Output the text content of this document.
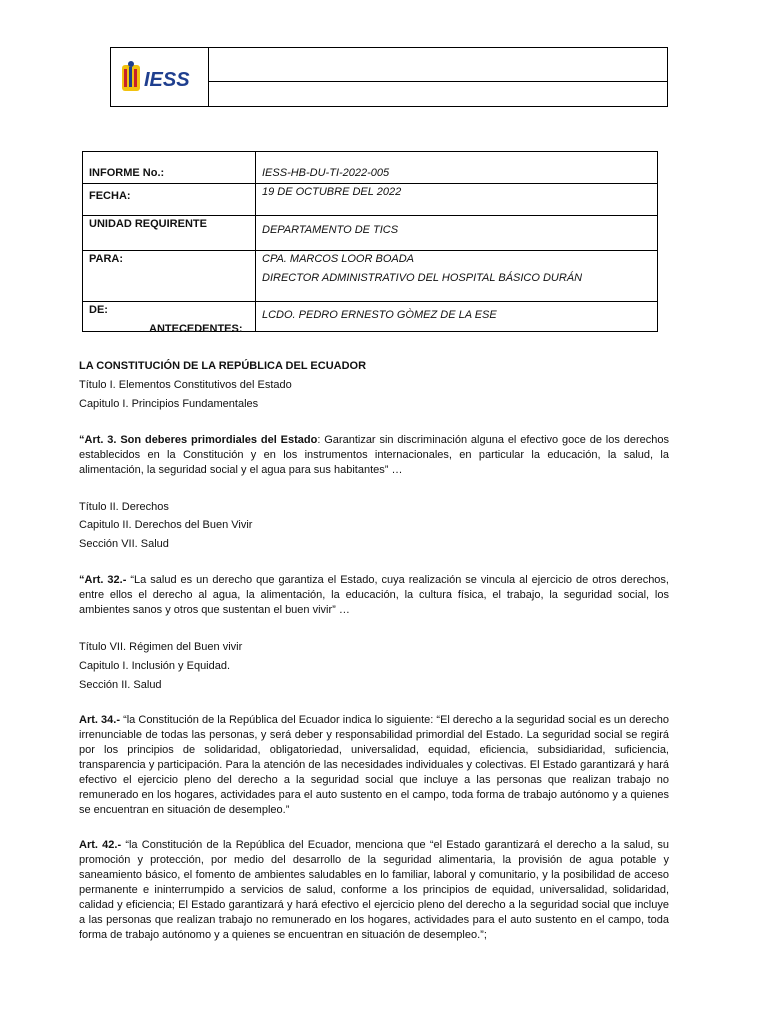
IESS
INFORME No.:	IESS-HB-DU-TI-2022-005
FECHA:	19 DE OCTUBRE DEL 2022
UNIDAD REQUIRENTE	DEPARTAMENTO DE TICS
PARA:	CPA. MARCOS LOOR BOADA
DIRECTOR ADMINISTRATIVO DEL HOSPITAL BÁSICO DURÁN

DE:	LCDO. PEDRO ERNESTO GÒMEZ DE LA ESE
ANTECEDENTES:

LA CONSTITUCIÓN DE LA REPÚBLICA DEL ECUADOR

Título I. Elementos Constitutivos del Estado

Capitulo I. Principios Fundamentales

“Art. 3. Son deberes primordiales del Estado: Garantizar sin discriminación alguna el efectivo goce de los derechos establecidos en la Constitución y en los instrumentos internacionales, en particular la educación, la salud, la alimentación, la seguridad social y el agua para sus habitantes” …

Título II. Derechos

Capitulo II. Derechos del Buen Vivir

Sección VII. Salud

“Art. 32.- “La salud es un derecho que garantiza el Estado, cuya realización se vincula al ejercicio de otros derechos, entre ellos el derecho al agua, la alimentación, la educación, la cultura física, el trabajo, la seguridad social, los ambientes sanos y otros que sustentan el buen vivir” …

Título VII. Régimen del Buen vivir

Capitulo I. Inclusión y Equidad.

Sección II. Salud

Art. 34.- “la Constitución de la República del Ecuador indica lo siguiente: “El derecho a la seguridad social es un derecho irrenunciable de todas las personas, y será deber y responsabilidad primordial del Estado. La seguridad social se regirá por los principios de solidaridad, obligatoriedad, universalidad, equidad, eficiencia, subsidiaridad, suficiencia, transparencia y participación. Para la atención de las necesidades individuales y colectivas. El Estado garantizará y hará efectivo el ejercicio pleno del derecho a la seguridad social que incluye a las personas que realizan trabajo no remunerado en los hogares, actividades para el auto sustento en el campo, toda forma de trabajo autónomo y a quienes se encuentran en situación de desempleo.”

Art. 42.- “la Constitución de la República del Ecuador, menciona que “el Estado garantizará el derecho a la salud, su promoción y protección, por medio del desarrollo de la seguridad alimentaria, la provisión de agua potable y saneamiento básico, el fomento de ambientes saludables en lo familiar, laboral y comunitario, y la posibilidad de acceso permanente e ininterrumpido a servicios de salud, conforme a los principios de equidad, universalidad, solidaridad, calidad y eficiencia; El Estado garantizará y hará efectivo el ejercicio pleno del derecho a la seguridad social que incluye a las personas que realizan trabajo no remunerado en los hogares, actividades para el auto sustento en el campo, toda forma de trabajo autónomo y a quienes se encuentran en situación de desempleo.”;
